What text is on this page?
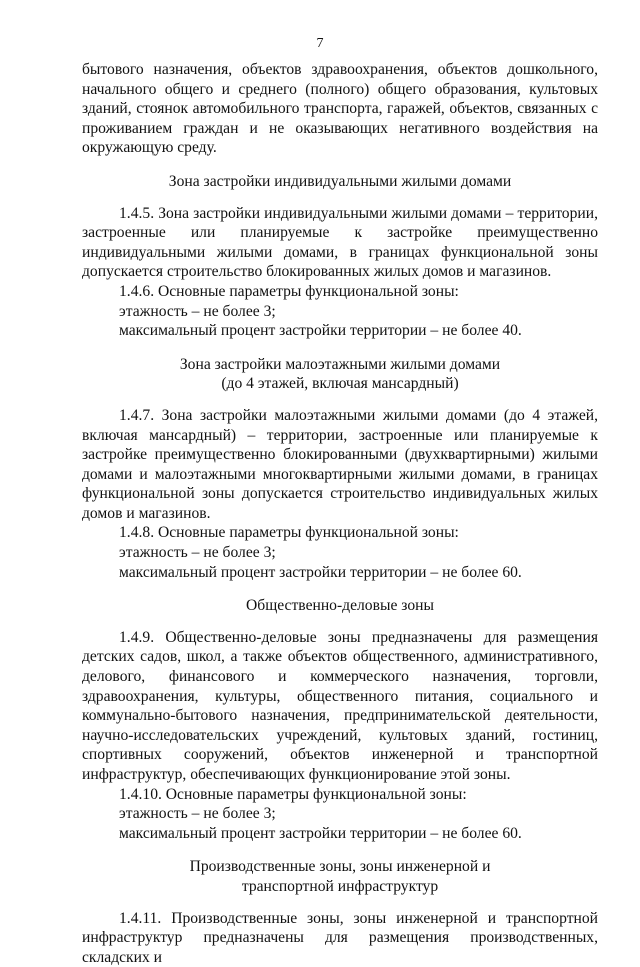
7

бытового назначения, объектов здравоохранения, объектов дошкольного, начального общего и среднего (полного) общего образования, культовых зданий, стоянок автомобильного транспорта, гаражей, объектов, связанных с проживанием граждан и не оказывающих негативного воздействия на окружающую среду.

Зона застройки индивидуальными жилыми домами

1.4.5. Зона застройки индивидуальными жилыми домами – территории, застроенные или планируемые к застройке преимущественно индивидуальными жилыми домами, в границах функциональной зоны допускается строительство блокированных жилых домов и магазинов.

1.4.6. Основные параметры функциональной зоны:

этажность – не более 3;

максимальный процент застройки территории – не более 40.

Зона застройки малоэтажными жилыми домами
(до 4 этажей, включая мансардный)

1.4.7. Зона застройки малоэтажными жилыми домами (до 4 этажей, включая мансардный) – территории, застроенные или планируемые к застройке преимущественно блокированными (двухквартирными) жилыми домами и малоэтажными многоквартирными жилыми домами, в границах функциональной зоны допускается строительство индивидуальных жилых домов и магазинов.

1.4.8. Основные параметры функциональной зоны:

этажность – не более 3;

максимальный процент застройки территории – не более 60.

Общественно-деловые зоны

1.4.9. Общественно-деловые зоны предназначены для размещения детских садов, школ, а также объектов общественного, административного, делового, финансового и коммерческого назначения, торговли, здравоохранения, культуры, общественного питания, социального и коммунально-бытового назначения, предпринимательской деятельности, научно-исследовательских учреждений, культовых зданий, гостиниц, спортивных сооружений, объектов инженерной и транспортной инфраструктур, обеспечивающих функционирование этой зоны.

1.4.10. Основные параметры функциональной зоны:

этажность – не более 3;

максимальный процент застройки территории – не более 60.

Производственные зоны, зоны инженерной и
транспортной инфраструктур

1.4.11. Производственные зоны, зоны инженерной и транспортной инфраструктур предназначены для размещения производственных, складских и
